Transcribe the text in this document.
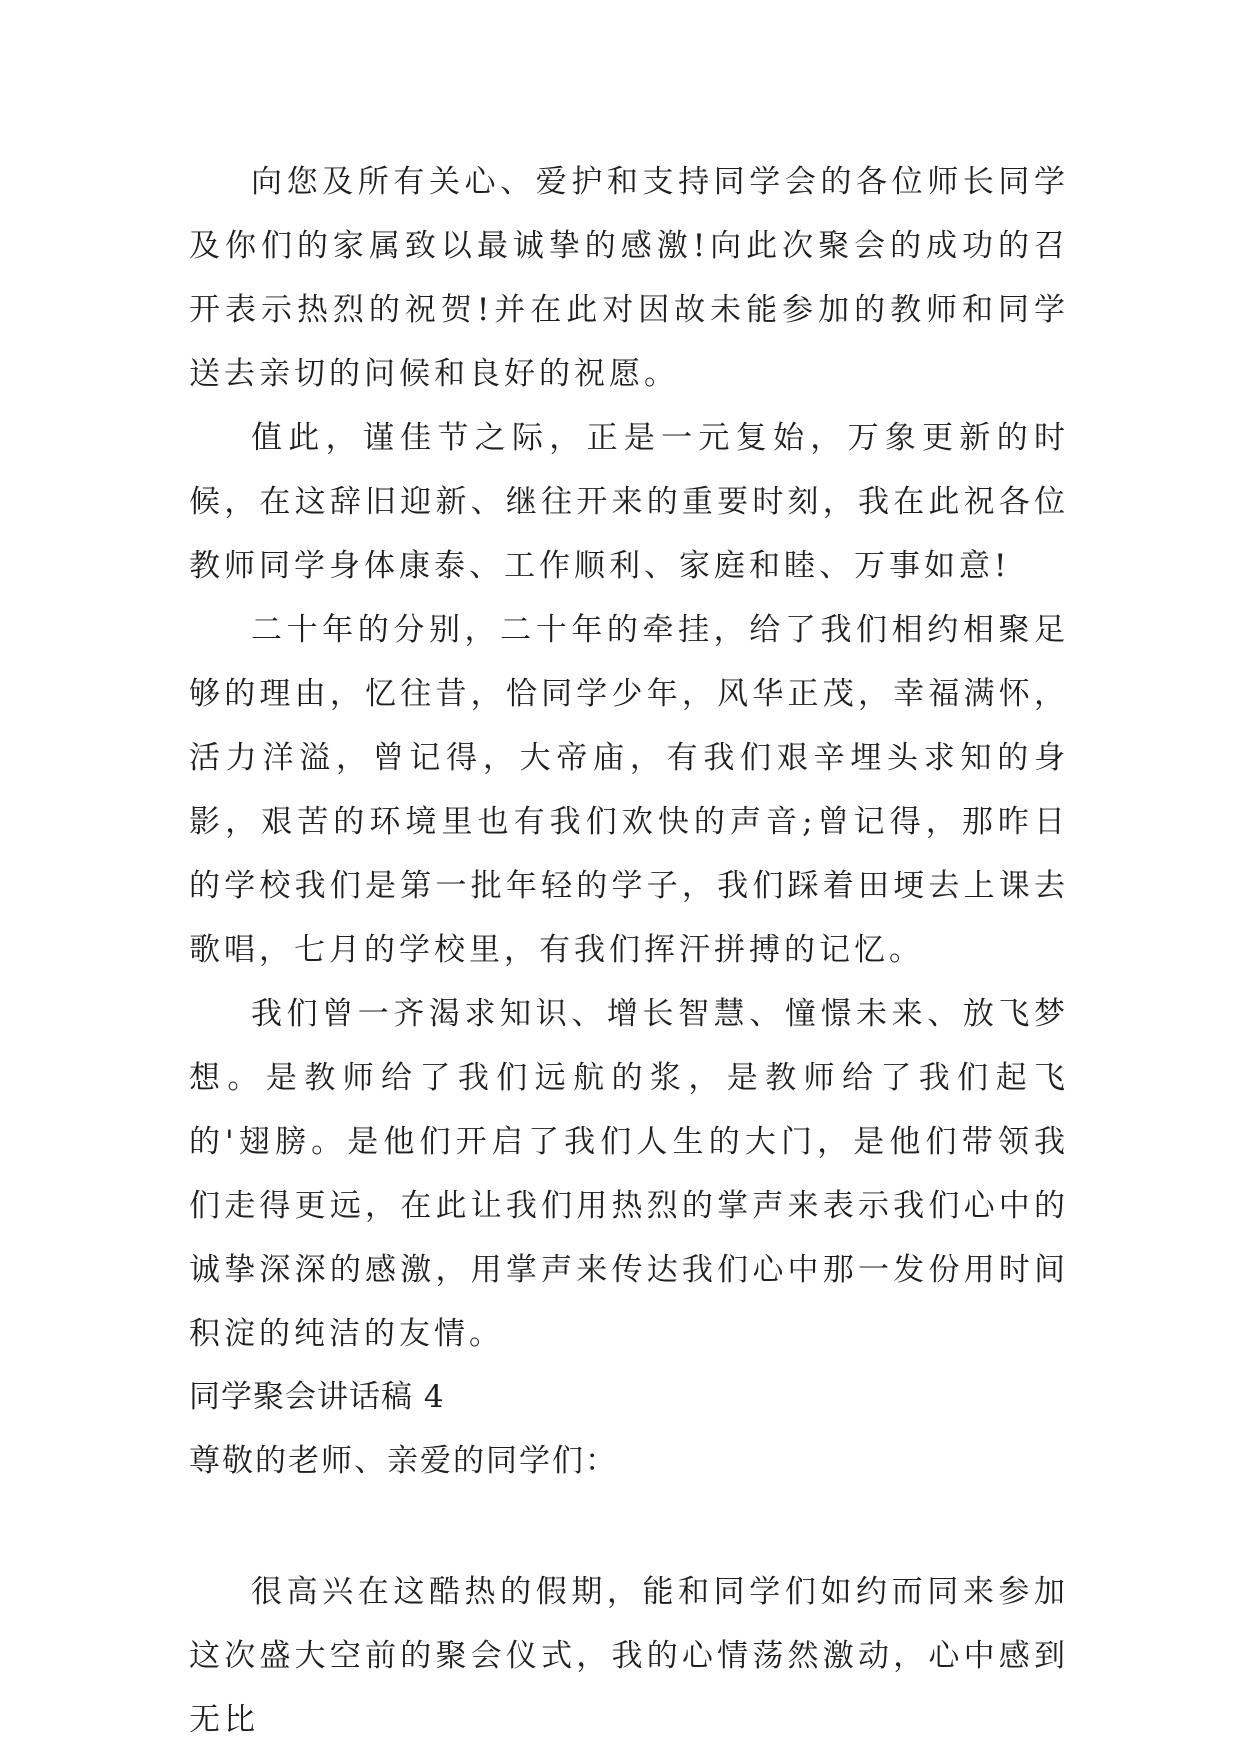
向您及所有关心、爱护和支持同学会的各位师长同学及你们的家属致以最诚挚的感激!向此次聚会的成功的召开表示热烈的祝贺!并在此对因故未能参加的教师和同学送去亲切的问候和良好的祝愿。

值此，谨佳节之际，正是一元复始，万象更新的时候，在这辞旧迎新、继往开来的重要时刻，我在此祝各位教师同学身体康泰、工作顺利、家庭和睦、万事如意!

二十年的分别，二十年的牵挂，给了我们相约相聚足够的理由，忆往昔，恰同学少年，风华正茂，幸福满怀，活力洋溢，曾记得，大帝庙，有我们艰辛埋头求知的身影，艰苦的环境里也有我们欢快的声音;曾记得，那昨日的学校我们是第一批年轻的学子，我们踩着田埂去上课去歌唱，七月的学校里，有我们挥汗拼搏的记忆。

我们曾一齐渴求知识、增长智慧、憧憬未来、放飞梦想。是教师给了我们远航的浆，是教师给了我们起飞的'翅膀。是他们开启了我们人生的大门，是他们带领我们走得更远，在此让我们用热烈的掌声来表示我们心中的诚挚深深的感激，用掌声来传达我们心中那一发份用时间积淀的纯洁的友情。

同学聚会讲话稿 4

尊敬的老师、亲爱的同学们：

很高兴在这酷热的假期，能和同学们如约而同来参加这次盛大空前的聚会仪式，我的心情荡然激动，心中感到无比
